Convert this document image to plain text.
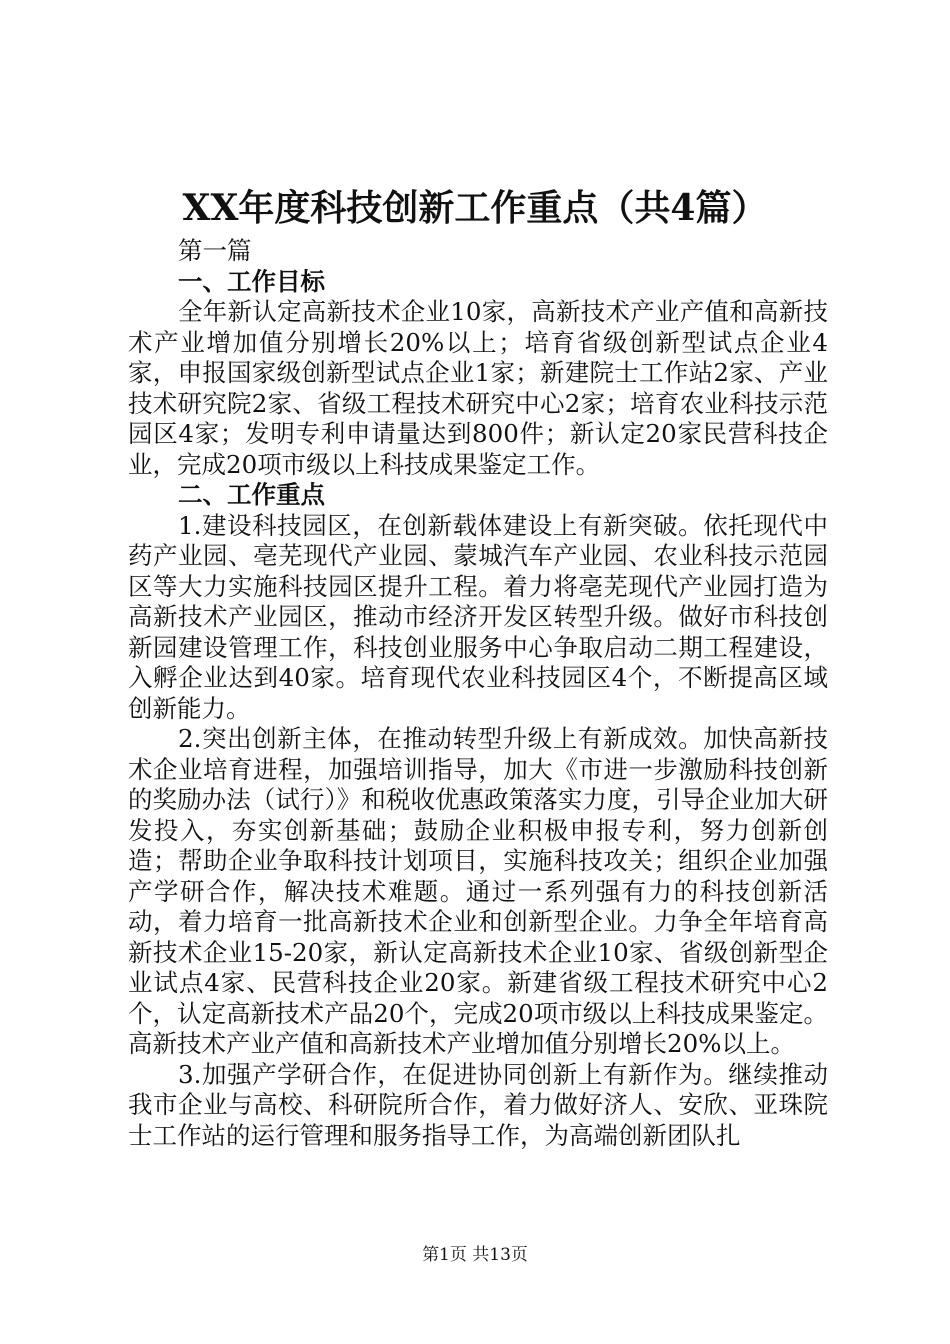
XX年度科技创新工作重点（共4篇）

第一篇

一、工作目标

全年新认定高新技术企业10家，高新技术产业产值和高新技术产业增加值分别增长20%以上；培育省级创新型试点企业4家，申报国家级创新型试点企业1家；新建院士工作站2家、产业技术研究院2家、省级工程技术研究中心2家；培育农业科技示范园区4家；发明专利申请量达到800件；新认定20家民营科技企业，完成20项市级以上科技成果鉴定工作。

二、工作重点

1.建设科技园区，在创新载体建设上有新突破。依托现代中药产业园、亳芜现代产业园、蒙城汽车产业园、农业科技示范园区等大力实施科技园区提升工程。着力将亳芜现代产业园打造为高新技术产业园区，推动市经济开发区转型升级。做好市科技创新园建设管理工作，科技创业服务中心争取启动二期工程建设，入孵企业达到40家。培育现代农业科技园区4个，不断提高区域创新能力。

2.突出创新主体，在推动转型升级上有新成效。加快高新技术企业培育进程，加强培训指导，加大《市进一步激励科技创新的奖励办法（试行）》和税收优惠政策落实力度，引导企业加大研发投入，夯实创新基础；鼓励企业积极申报专利，努力创新创造；帮助企业争取科技计划项目，实施科技攻关；组织企业加强产学研合作，解决技术难题。通过一系列强有力的科技创新活动，着力培育一批高新技术企业和创新型企业。力争全年培育高新技术企业15-20家，新认定高新技术企业10家、省级创新型企业试点4家、民营科技企业20家。新建省级工程技术研究中心2个，认定高新技术产品20个，完成20项市级以上科技成果鉴定。高新技术产业产值和高新技术产业增加值分别增长20%以上。

3.加强产学研合作，在促进协同创新上有新作为。继续推动我市企业与高校、科研院所合作，着力做好济人、安欣、亚珠院士工作站的运行管理和服务指导工作，为高端创新团队扎

第1页 共13页
